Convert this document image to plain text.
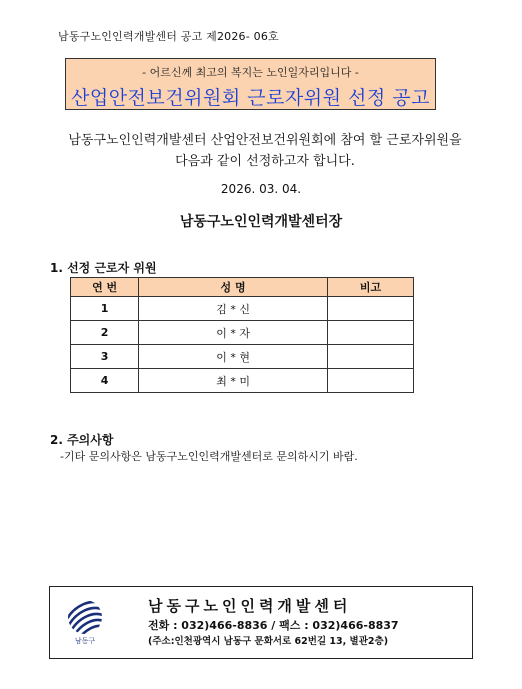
남동구노인인력개발센터 공고 제2026- 06호
- 어르신께 최고의 복지는 노인일자리입니다 -
산업안전보건위원회 근로자위원 선정 공고
남동구노인인력개발센터 산업안전보건위원회에 참여 할 근로자위원을
다음과 같이 선정하고자 합니다.
2026. 03. 04.
남동구노인인력개발센터장
1. 선정 근로자 위원
연 번	성 명	비고
1	김 * 신	
2	이 * 자	
3	이 * 현	
4	최 * 미	
2. 주의사항
-기타 문의사항은 남동구노인인력개발센터로 문의하시기 바람.
남동구
남동구노인인력개발센터
전화 : 032)466-8836 / 팩스 : 032)466-8837
(주소:인천광역시 남동구 문화서로 62번길 13, 별관2층)
